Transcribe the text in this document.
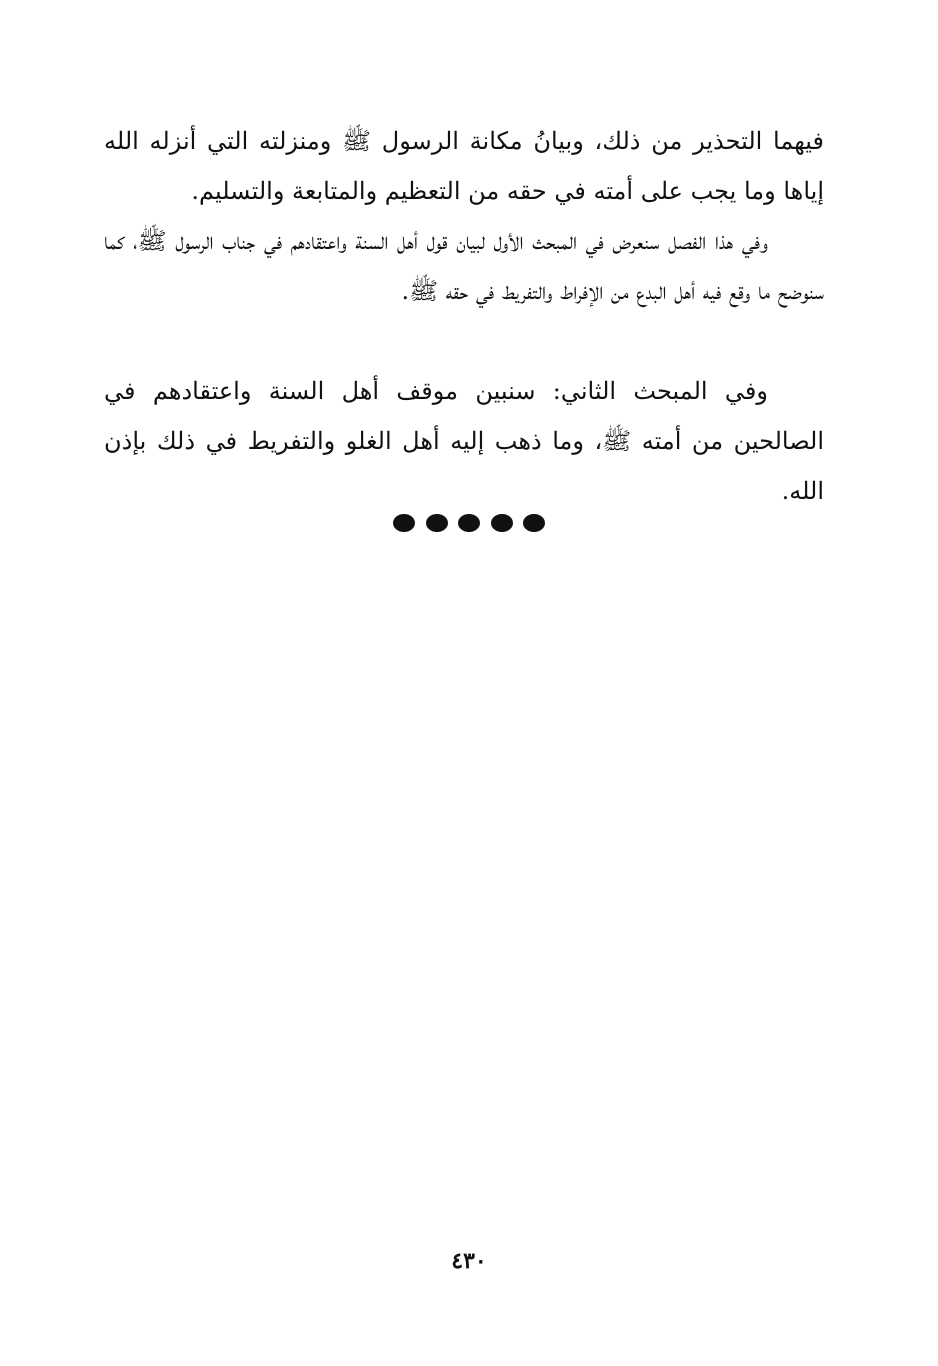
فيهما التحذير من ذلك، وبيانُ مكانة الرسول ﷺ ومنزلته التي أنزله الله إياها وما يجب على أمته في حقه من التعظيم والمتابعة والتسليم.

وفي هذا الفصل سنعرض في المبحث الأول لبيان قول أهل السنة واعتقادهم في جناب الرسول ﷺ، كما سنوضح ما وقع فيه أهل البدع من الإفراط والتفريط في حقه ﷺ.

وفي المبحث الثاني: سنبين موقف أهل السنة واعتقادهم في الصالحين من أمته ﷺ، وما ذهب إليه أهل الغلو والتفريط في ذلك بإذن الله.

٤٣٠
